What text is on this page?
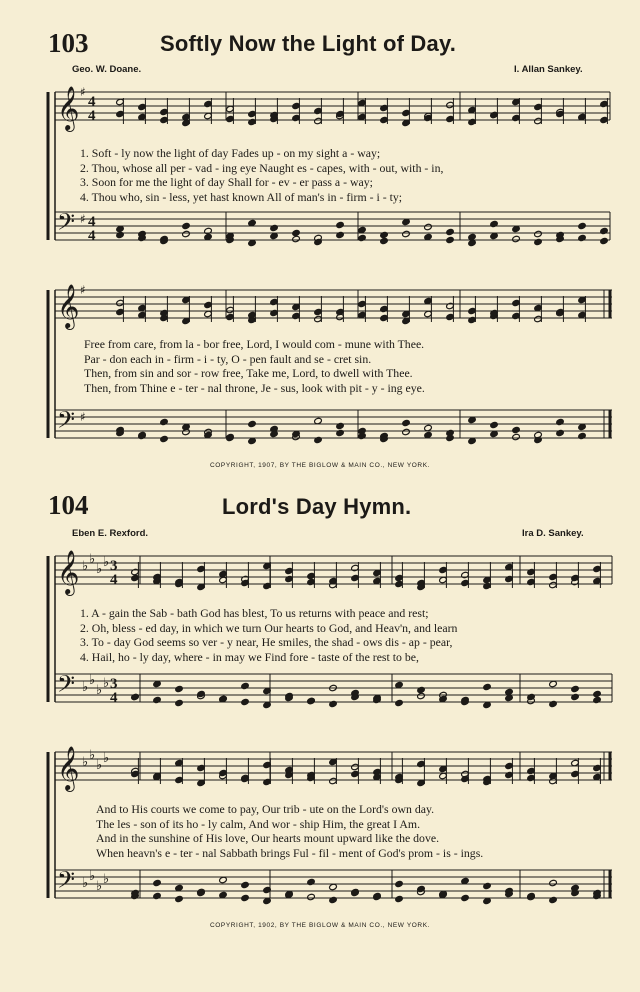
103	Softly Now the Light of Day.
Geo. W. Doane.	I. Allan Sankey.
𝄞
𝄢
𝄞
𝄢
𝄞
𝄢
𝄞
𝄢
4
4
4
4
3
4
3
4
♭ ♭
♭ ♭
♭ ♭
♭ ♭
♭ ♭
♭ ♭
♭ ♭
♭ ♭
♯
♯
♯
♯
1. Soft - ly now the light of day Fades up - on my sight a - way;
2. Thou, whose all per - vad - ing eye Naught es - capes, with - out, with - in,
3. Soon for me the light of day Shall for - ev - er pass a - way;
4. Thou who, sin - less, yet hast known All of man's in - firm - i - ty;
Free from care, from la - bor free, Lord, I would com - mune with Thee.
Par - don each in - firm - i - ty, O - pen fault and se - cret sin.
Then, from sin and sor - row free, Take me, Lord, to dwell with Thee.
Then, from Thine e - ter - nal throne, Je - sus, look with pit - y - ing eye.
COPYRIGHT, 1907, BY THE BIGLOW & MAIN CO., NEW YORK.
104	Lord's Day Hymn.
Eben E. Rexford.	Ira D. Sankey.
1. A - gain the Sab - bath God has blest, To us returns with peace and rest;
2. Oh, bless - ed day, in which we turn Our hearts to God, and Heav'n, and learn
3. To - day God seems so ver - y near, He smiles, the shad - ows dis - ap - pear,
4. Hail, ho - ly day, where - in may we Find fore - taste of the rest to be,
And to His courts we come to pay, Our trib - ute on the Lord's own day.
The les - son of its ho - ly calm, And wor - ship Him, the great I Am.
And in the sunshine of His love, Our hearts mount upward like the dove.
When heavn's e - ter - nal Sabbath brings Ful - fil - ment of God's prom - is - ings.
COPYRIGHT, 1902, BY THE BIGLOW & MAIN CO., NEW YORK.
